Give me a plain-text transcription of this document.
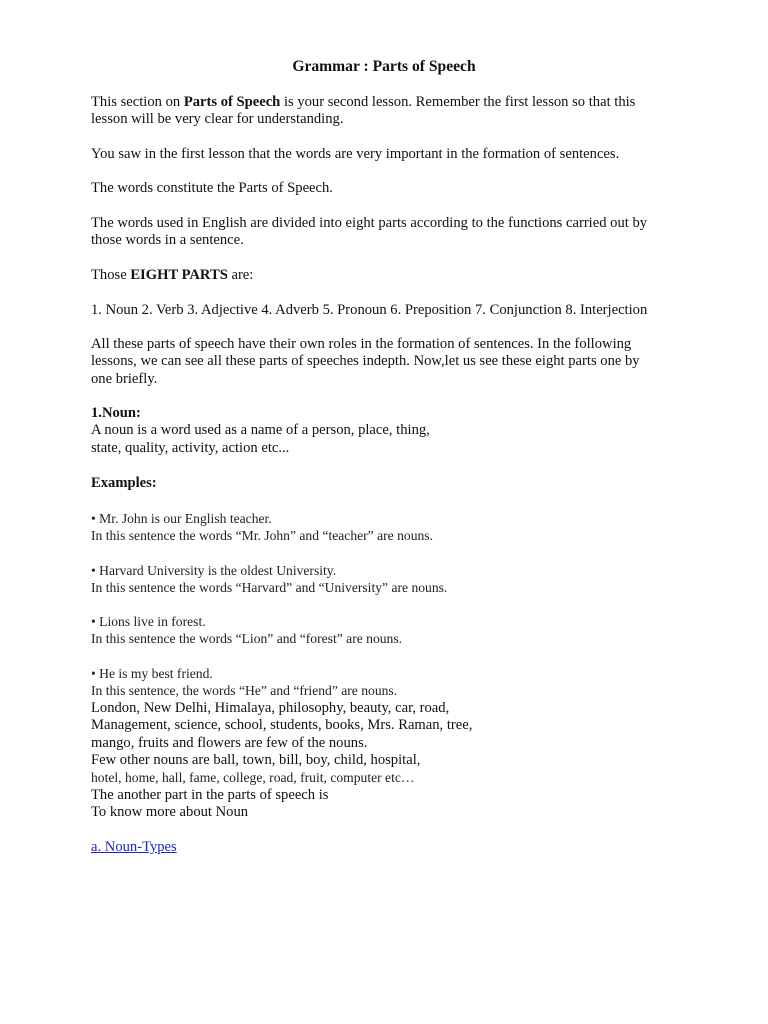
Grammar : Parts of Speech

This section on Parts of Speech is your second lesson. Remember the first lesson so that this
lesson will be very clear for understanding.

You saw in the first lesson that the words are very important in the formation of sentences.

The words constitute the Parts of Speech.

The words used in English are divided into eight parts according to the functions carried out by
those words in a sentence.

Those EIGHT PARTS are:

1. Noun 2. Verb 3. Adjective 4. Adverb 5. Pronoun 6. Preposition 7. Conjunction 8. Interjection

All these parts of speech have their own roles in the formation of sentences. In the following
lessons, we can see all these parts of speeches indepth. Now,let us see these eight parts one by
one briefly.

1.Noun:
A noun is a word used as a name of a person, place, thing,
state, quality, activity, action etc...

Examples:

• Mr. John is our English teacher.
In this sentence the words “Mr. John” and “teacher” are nouns.

• Harvard University is the oldest University.
In this sentence the words “Harvard” and “University” are nouns.

• Lions live in forest.
In this sentence the words “Lion” and “forest” are nouns.

• He is my best friend.
In this sentence, the words “He” and “friend” are nouns.
London, New Delhi, Himalaya, philosophy, beauty, car, road,
Management, science, school, students, books, Mrs. Raman, tree,
mango, fruits and flowers are few of the nouns.
Few other nouns are ball, town, bill, boy, child, hospital,
hotel, home, hall, fame, college, road, fruit, computer etc…
The another part in the parts of speech is
To know more about Noun

a. Noun-Types
